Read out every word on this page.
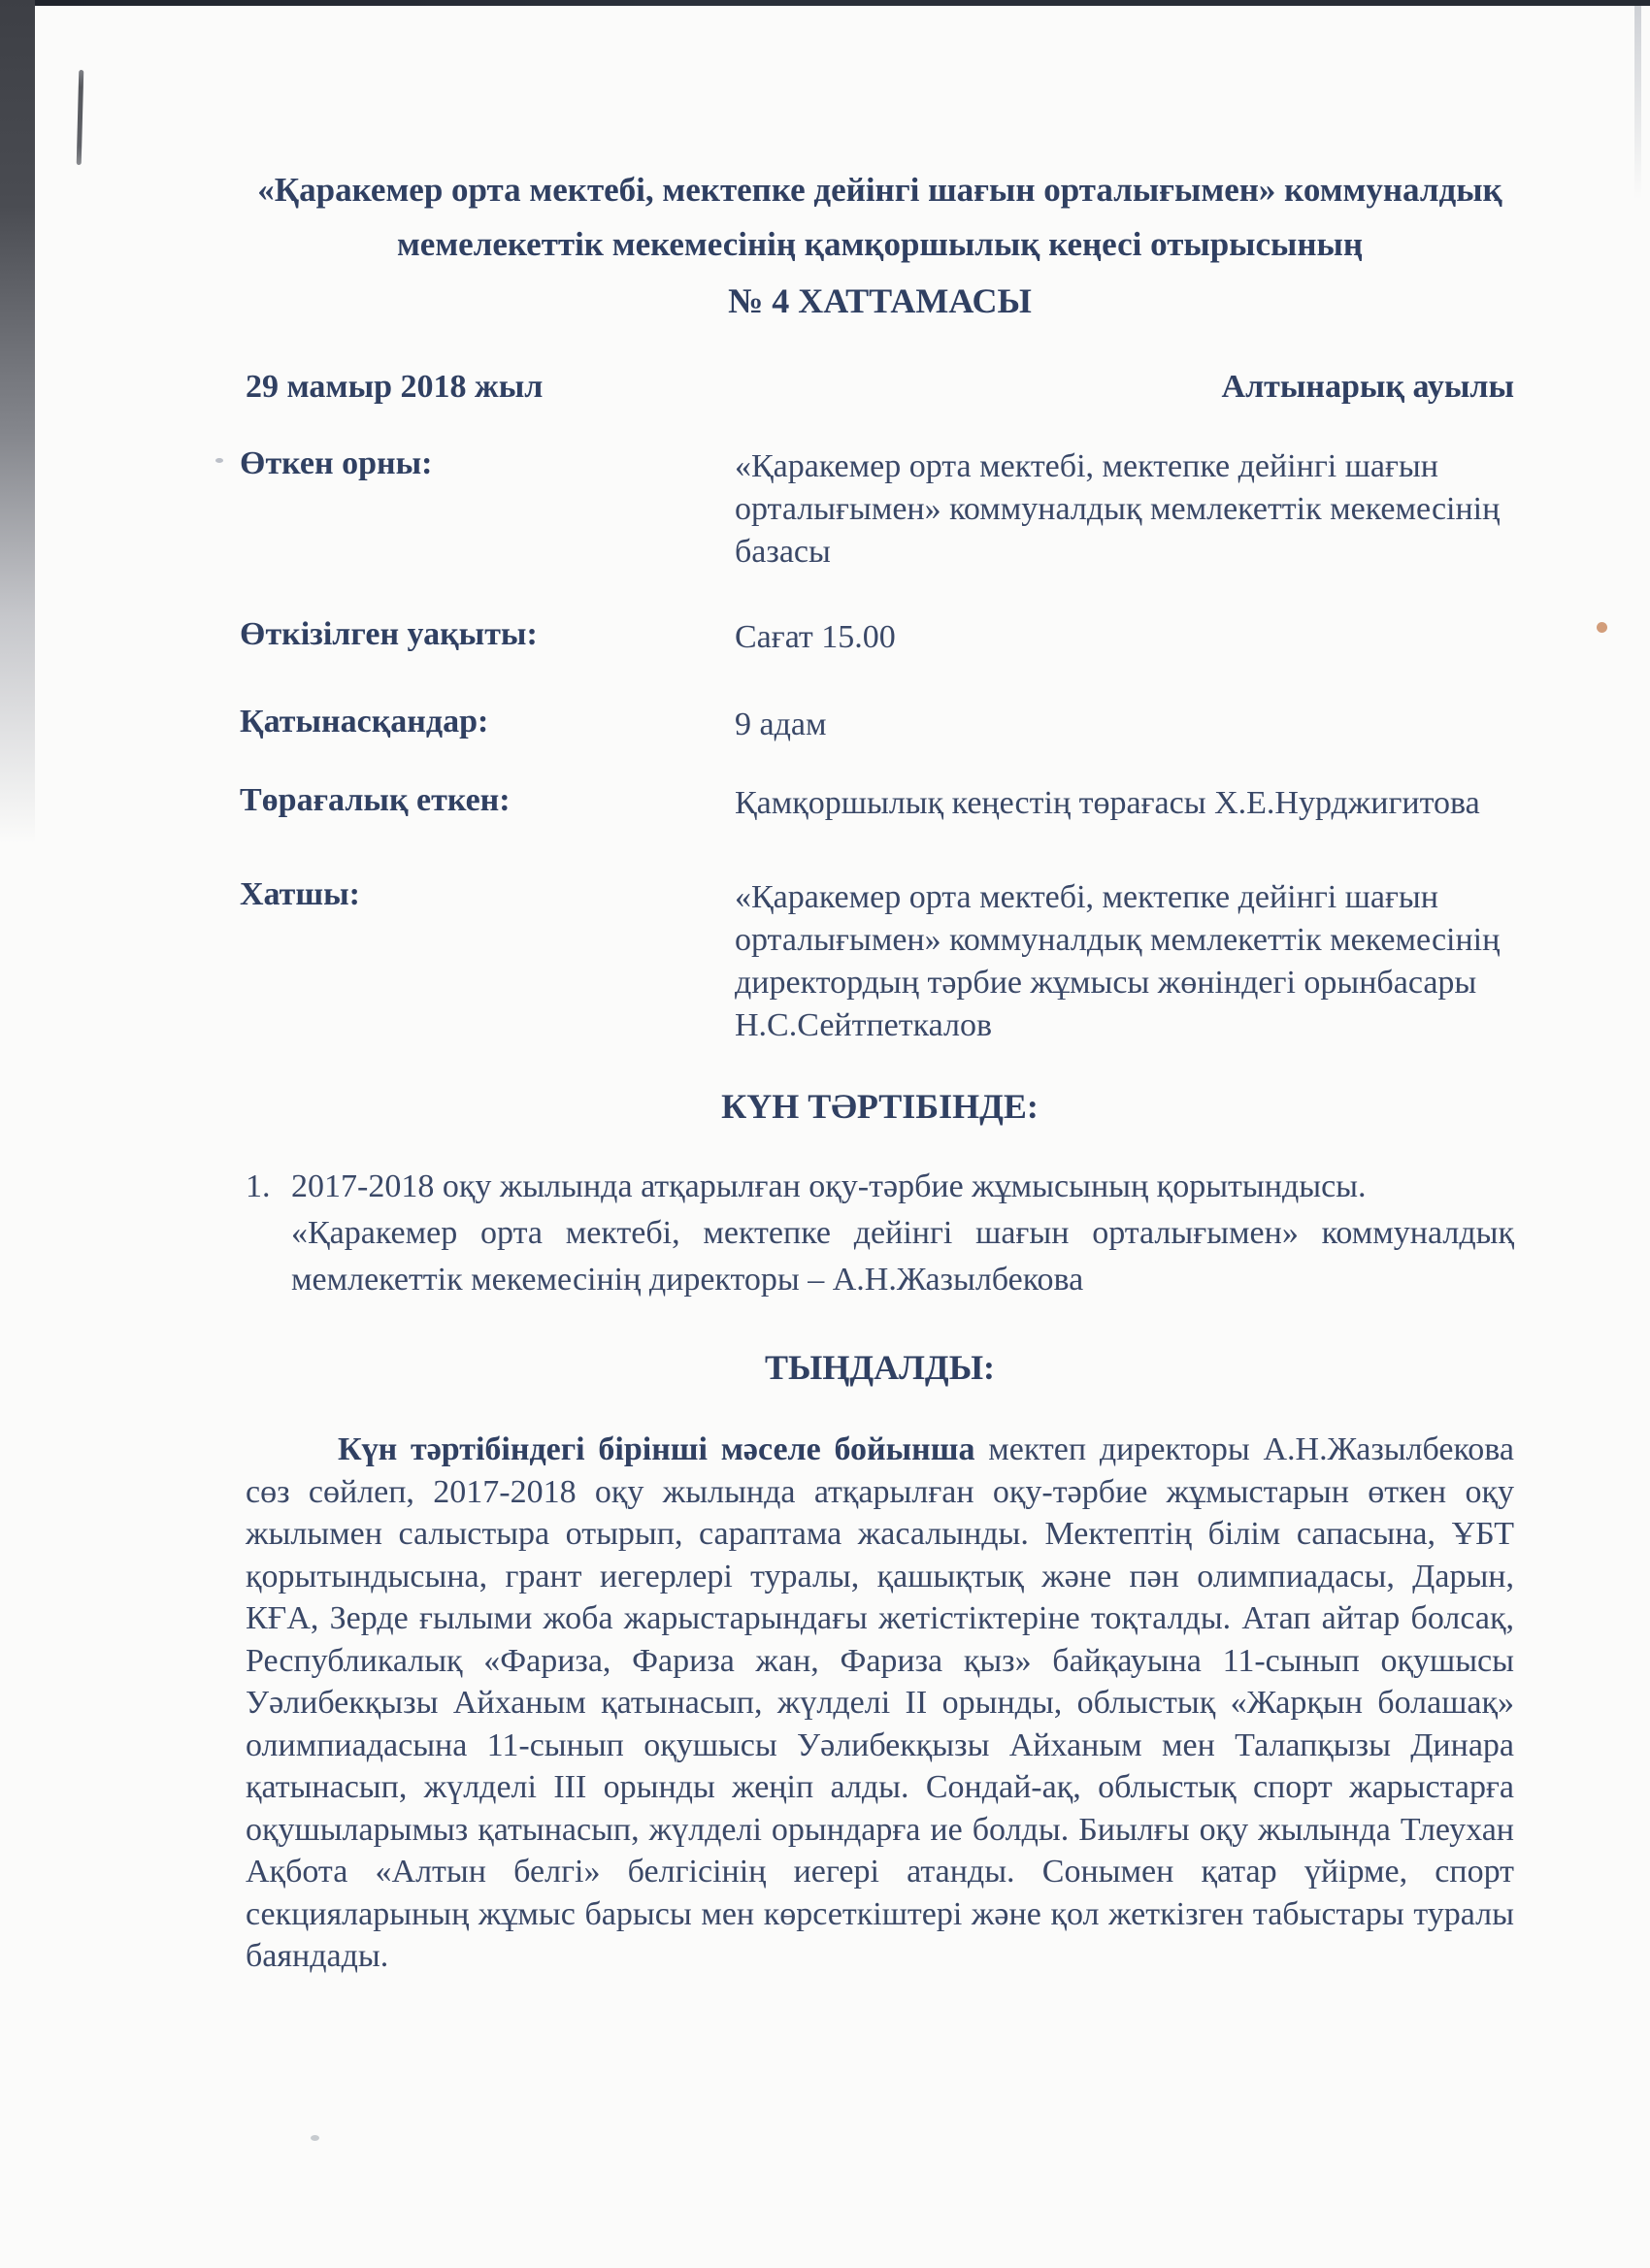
«Қаракемер орта мектебі, мектепке дейінгі шағын орталығымен» коммуналдық
мемелекеттік мекемесінің қамқоршылық кеңесі отырысының
№ 4 ХАТТАМАСЫ
29 мамыр 2018 жыл	Алтынарық ауылы
Өткен орны:	«Қаракемер орта мектебі, мектепке дейінгі шағын орталығымен» коммуналдық мемлекеттік мекемесінің базасы
Өткізілген уақыты:	Сағат 15.00
Қатынасқандар:	9 адам
Төрағалық еткен:	Қамқоршылық кеңестің төрағасы Х.Е.Нурджигитова
Хатшы:	«Қаракемер орта мектебі, мектепке дейінгі шағын орталығымен» коммуналдық мемлекеттік мекемесінің директордың тәрбие жұмысы жөніндегі орынбасары Н.С.Сейтпеткалов
КҮН ТӘРТІБІНДЕ:
1. 2017-2018 оқу жылында атқарылған оқу-тәрбие жұмысының қорытындысы.
«Қаракемер орта мектебі, мектепке дейінгі шағын орталығымен» коммуналдық мемлекеттік мекемесінің директоры – А.Н.Жазылбекова
ТЫҢДАЛДЫ:

Күн тәртібіндегі бірінші мәселе бойынша мектеп директоры А.Н.Жазылбекова сөз сөйлеп, 2017-2018 оқу жылында атқарылған оқу-тәрбие жұмыстарын өткен оқу жылымен салыстыра отырып, сараптама жасалынды. Мектептің білім сапасына, ҰБТ қорытындысына, грант иегерлері туралы, қашықтық және пән олимпиадасы, Дарын, КҒА, Зерде ғылыми жоба жарыстарындағы жетістіктеріне тоқталды. Атап айтар болсақ, Республикалық «Фариза, Фариза жан, Фариза қыз» байқауына 11-сынып оқушысы Уәлибекқызы Айханым қатынасып, жүлделі II орынды, облыстық «Жарқын болашақ» олимпиадасына 11-сынып оқушысы Уәлибекқызы Айханым мен Талапқызы Динара қатынасып, жүлделі III орынды жеңіп алды. Сондай-ақ, облыстық спорт жарыстарға оқушыларымыз қатынасып, жүлделі орындарға ие болды. Биылғы оқу жылында Тлеухан Ақбота «Алтын белгі» белгісінің иегері атанды. Сонымен қатар үйірме, спорт секцияларының жұмыс барысы мен көрсеткіштері және қол жеткізген табыстары туралы баяндады.
